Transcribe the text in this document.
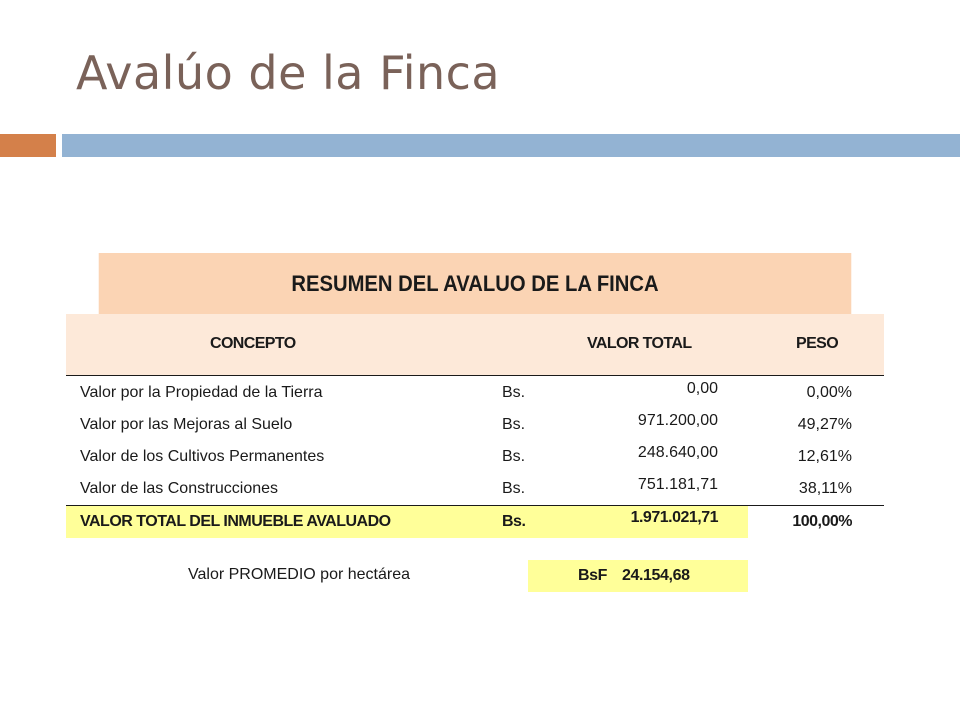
Avalúo de la Finca
RESUMEN DEL AVALUO DE LA FINCA
CONCEPTO	VALOR TOTAL	PESO
Valor por la Propiedad de la Tierra	Bs.	0,00	0,00%
Valor por las Mejoras al Suelo	Bs.	971.200,00	49,27%
Valor de los Cultivos Permanentes	Bs.	248.640,00	12,61%
Valor de las Construcciones	Bs.	751.181,71	38,11%
VALOR TOTAL DEL INMUEBLE AVALUADO	Bs.	1.971.021,71	100,00%
Valor PROMEDIO por hectárea	BsF 24.154,68
